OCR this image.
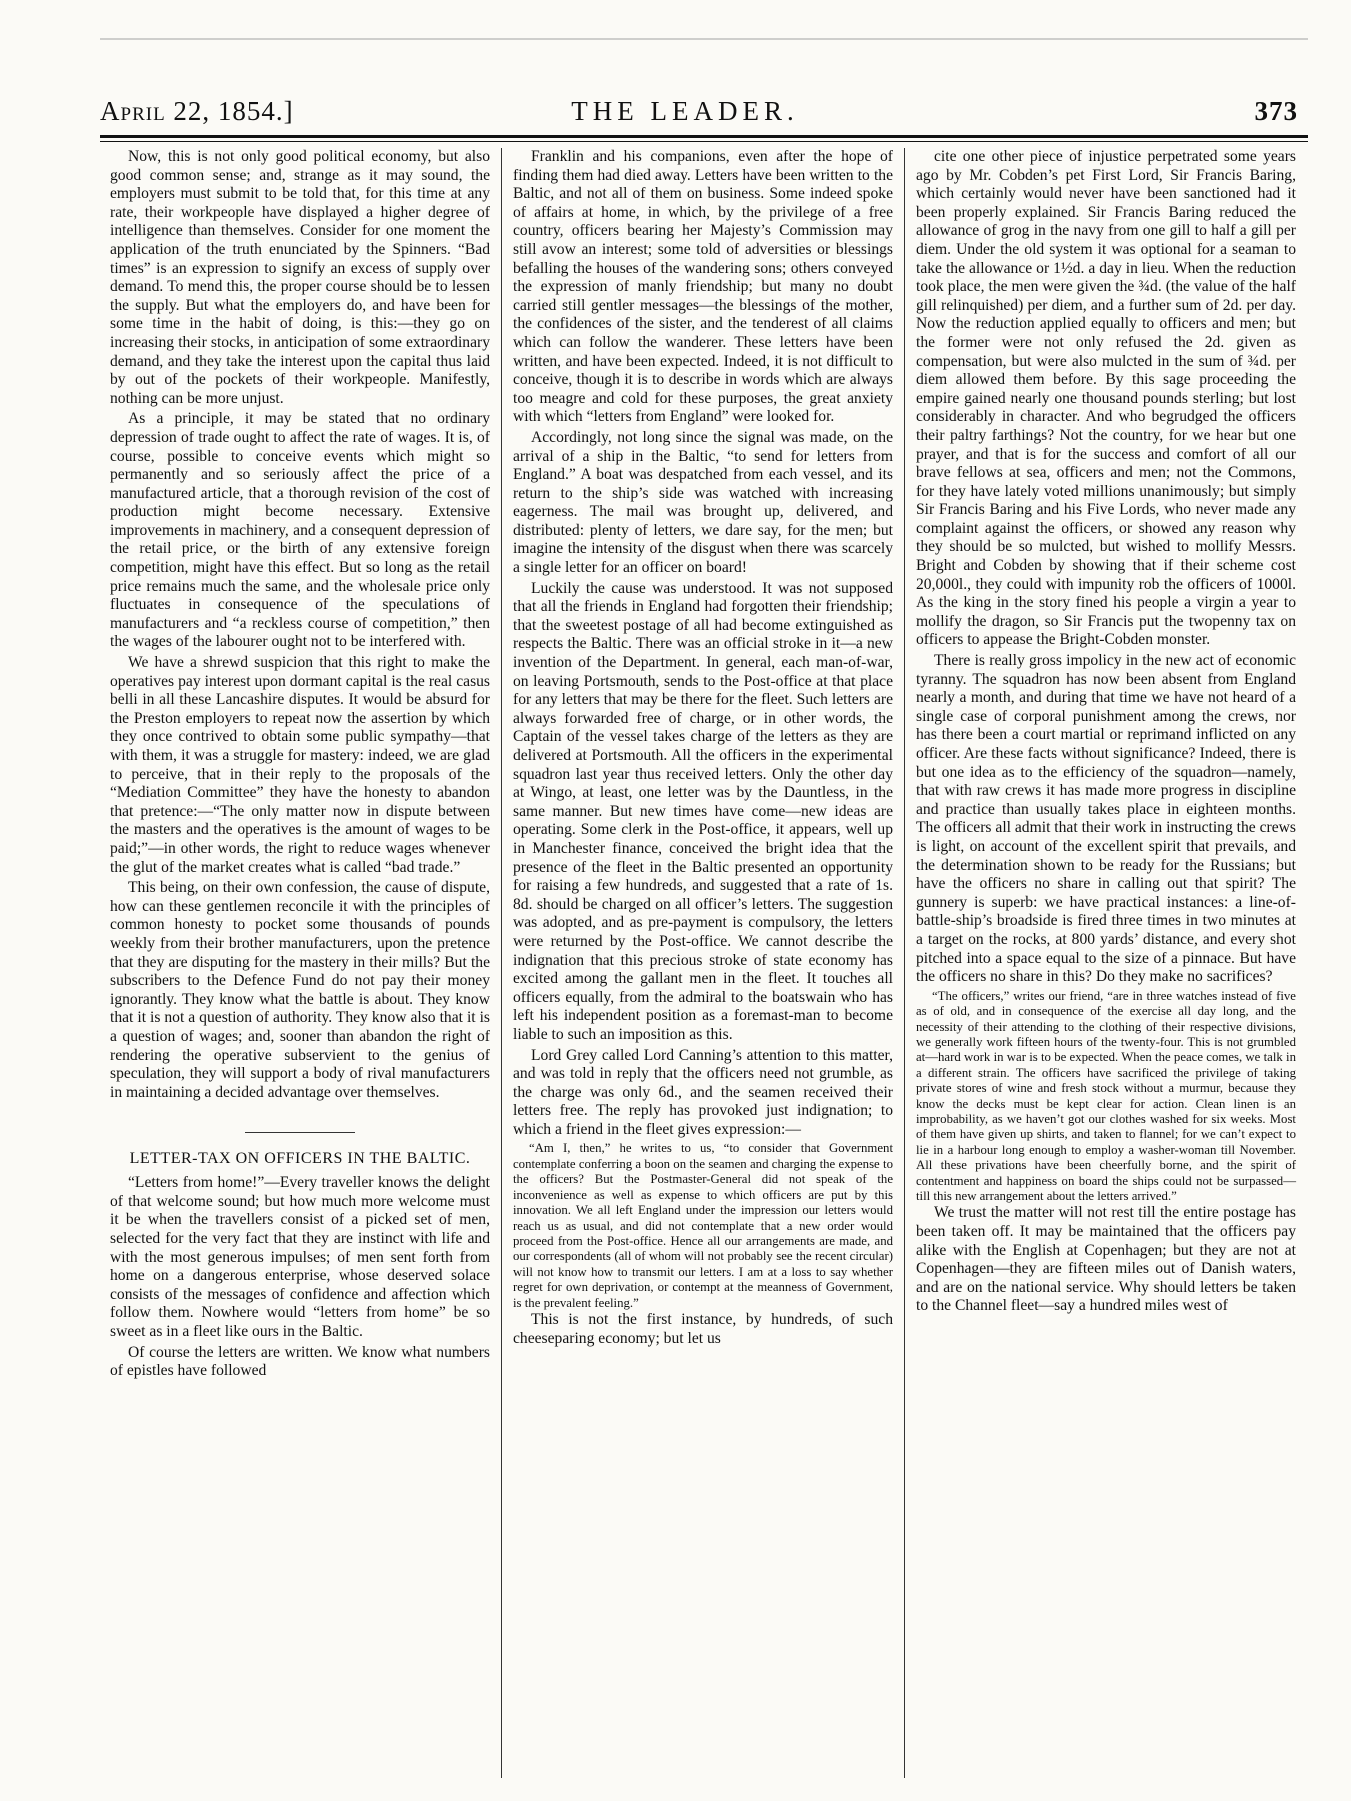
April 22, 1854.]	THE LEADER.	373

Now, this is not only good political economy, but also good common sense; and, strange as it may sound, the employers must submit to be told that, for this time at any rate, their workpeople have displayed a higher degree of intelligence than themselves. Consider for one moment the application of the truth enunciated by the Spinners. “Bad times” is an expression to signify an excess of supply over demand. To mend this, the proper course should be to lessen the supply. But what the employers do, and have been for some time in the habit of doing, is this:—they go on increasing their stocks, in anticipation of some extraordinary demand, and they take the interest upon the capital thus laid by out of the pockets of their workpeople. Manifestly, nothing can be more unjust.

As a principle, it may be stated that no ordinary depression of trade ought to affect the rate of wages. It is, of course, possible to conceive events which might so permanently and so seriously affect the price of a manufactured article, that a thorough revision of the cost of production might become necessary. Extensive improvements in machinery, and a consequent depression of the retail price, or the birth of any extensive foreign competition, might have this effect. But so long as the retail price remains much the same, and the wholesale price only fluctuates in consequence of the speculations of manufacturers and “a reckless course of competition,” then the wages of the labourer ought not to be interfered with.

We have a shrewd suspicion that this right to make the operatives pay interest upon dormant capital is the real casus belli in all these Lancashire disputes. It would be absurd for the Preston employers to repeat now the assertion by which they once contrived to obtain some public sympathy—that with them, it was a struggle for mastery: indeed, we are glad to perceive, that in their reply to the proposals of the “Mediation Committee” they have the honesty to abandon that pretence:—“The only matter now in dispute between the masters and the operatives is the amount of wages to be paid;”—in other words, the right to reduce wages whenever the glut of the market creates what is called “bad trade.”

This being, on their own confession, the cause of dispute, how can these gentlemen reconcile it with the principles of common honesty to pocket some thousands of pounds weekly from their brother manufacturers, upon the pretence that they are disputing for the mastery in their mills? But the subscribers to the Defence Fund do not pay their money ignorantly. They know what the battle is about. They know that it is not a question of authority. They know also that it is a question of wages; and, sooner than abandon the right of rendering the operative subservient to the genius of speculation, they will support a body of rival manufacturers in maintaining a decided advantage over themselves.

LETTER-TAX ON OFFICERS IN THE BALTIC.

“Letters from home!”—Every traveller knows the delight of that welcome sound; but how much more welcome must it be when the travellers consist of a picked set of men, selected for the very fact that they are instinct with life and with the most generous impulses; of men sent forth from home on a dangerous enterprise, whose deserved solace consists of the messages of confidence and affection which follow them. Nowhere would “letters from home” be so sweet as in a fleet like ours in the Baltic.

Of course the letters are written. We know what numbers of epistles have followed

Franklin and his companions, even after the hope of finding them had died away. Letters have been written to the Baltic, and not all of them on business. Some indeed spoke of affairs at home, in which, by the privilege of a free country, officers bearing her Majesty’s Commission may still avow an interest; some told of adversities or blessings befalling the houses of the wandering sons; others conveyed the expression of manly friendship; but many no doubt carried still gentler messages—the blessings of the mother, the confidences of the sister, and the tenderest of all claims which can follow the wanderer. These letters have been written, and have been expected. Indeed, it is not difficult to conceive, though it is to describe in words which are always too meagre and cold for these purposes, the great anxiety with which “letters from England” were looked for.

Accordingly, not long since the signal was made, on the arrival of a ship in the Baltic, “to send for letters from England.” A boat was despatched from each vessel, and its return to the ship’s side was watched with increasing eagerness. The mail was brought up, delivered, and distributed: plenty of letters, we dare say, for the men; but imagine the intensity of the disgust when there was scarcely a single letter for an officer on board!

Luckily the cause was understood. It was not supposed that all the friends in England had forgotten their friendship; that the sweetest postage of all had become extinguished as respects the Baltic. There was an official stroke in it—a new invention of the Department. In general, each man-of-war, on leaving Portsmouth, sends to the Post-office at that place for any letters that may be there for the fleet. Such letters are always forwarded free of charge, or in other words, the Captain of the vessel takes charge of the letters as they are delivered at Portsmouth. All the officers in the experimental squadron last year thus received letters. Only the other day at Wingo, at least, one letter was by the Dauntless, in the same manner. But new times have come—new ideas are operating. Some clerk in the Post-office, it appears, well up in Manchester finance, conceived the bright idea that the presence of the fleet in the Baltic presented an opportunity for raising a few hundreds, and suggested that a rate of 1s. 8d. should be charged on all officer’s letters. The suggestion was adopted, and as pre-payment is compulsory, the letters were returned by the Post-office. We cannot describe the indignation that this precious stroke of state economy has excited among the gallant men in the fleet. It touches all officers equally, from the admiral to the boatswain who has left his independent position as a foremast-man to become liable to such an imposition as this.

Lord Grey called Lord Canning’s attention to this matter, and was told in reply that the officers need not grumble, as the charge was only 6d., and the seamen received their letters free. The reply has provoked just indignation; to which a friend in the fleet gives expression:—

“Am I, then,” he writes to us, “to consider that Government contemplate conferring a boon on the seamen and charging the expense to the officers? But the Postmaster-General did not speak of the inconvenience as well as expense to which officers are put by this innovation. We all left England under the impression our letters would reach us as usual, and did not contemplate that a new order would proceed from the Post-office. Hence all our arrangements are made, and our correspondents (all of whom will not probably see the recent circular) will not know how to transmit our letters. I am at a loss to say whether regret for own deprivation, or contempt at the meanness of Government, is the prevalent feeling.”

This is not the first instance, by hundreds, of such cheeseparing economy; but let us

cite one other piece of injustice perpetrated some years ago by Mr. Cobden’s pet First Lord, Sir Francis Baring, which certainly would never have been sanctioned had it been properly explained. Sir Francis Baring reduced the allowance of grog in the navy from one gill to half a gill per diem. Under the old system it was optional for a seaman to take the allowance or 1½d. a day in lieu. When the reduction took place, the men were given the ¾d. (the value of the half gill relinquished) per diem, and a further sum of 2d. per day. Now the reduction applied equally to officers and men; but the former were not only refused the 2d. given as compensation, but were also mulcted in the sum of ¾d. per diem allowed them before. By this sage proceeding the empire gained nearly one thousand pounds sterling; but lost considerably in character. And who begrudged the officers their paltry farthings? Not the country, for we hear but one prayer, and that is for the success and comfort of all our brave fellows at sea, officers and men; not the Commons, for they have lately voted millions unanimously; but simply Sir Francis Baring and his Five Lords, who never made any complaint against the officers, or showed any reason why they should be so mulcted, but wished to mollify Messrs. Bright and Cobden by showing that if their scheme cost 20,000l., they could with impunity rob the officers of 1000l. As the king in the story fined his people a virgin a year to mollify the dragon, so Sir Francis put the twopenny tax on officers to appease the Bright-Cobden monster.

There is really gross impolicy in the new act of economic tyranny. The squadron has now been absent from England nearly a month, and during that time we have not heard of a single case of corporal punishment among the crews, nor has there been a court martial or reprimand inflicted on any officer. Are these facts without significance? Indeed, there is but one idea as to the efficiency of the squadron—namely, that with raw crews it has made more progress in discipline and practice than usually takes place in eighteen months. The officers all admit that their work in instructing the crews is light, on account of the excellent spirit that prevails, and the determination shown to be ready for the Russians; but have the officers no share in calling out that spirit? The gunnery is superb: we have practical instances: a line-of-battle-ship’s broadside is fired three times in two minutes at a target on the rocks, at 800 yards’ distance, and every shot pitched into a space equal to the size of a pinnace. But have the officers no share in this? Do they make no sacrifices?

“The officers,” writes our friend, “are in three watches instead of five as of old, and in consequence of the exercise all day long, and the necessity of their attending to the clothing of their respective divisions, we generally work fifteen hours of the twenty-four. This is not grumbled at—hard work in war is to be expected. When the peace comes, we talk in a different strain. The officers have sacrificed the privilege of taking private stores of wine and fresh stock without a murmur, because they know the decks must be kept clear for action. Clean linen is an improbability, as we haven’t got our clothes washed for six weeks. Most of them have given up shirts, and taken to flannel; for we can’t expect to lie in a harbour long enough to employ a washer-woman till November. All these privations have been cheerfully borne, and the spirit of contentment and happiness on board the ships could not be surpassed—till this new arrangement about the letters arrived.”

We trust the matter will not rest till the entire postage has been taken off. It may be maintained that the officers pay alike with the English at Copenhagen; but they are not at Copenhagen—they are fifteen miles out of Danish waters, and are on the national service. Why should letters be taken to the Channel fleet—say a hundred miles west of
